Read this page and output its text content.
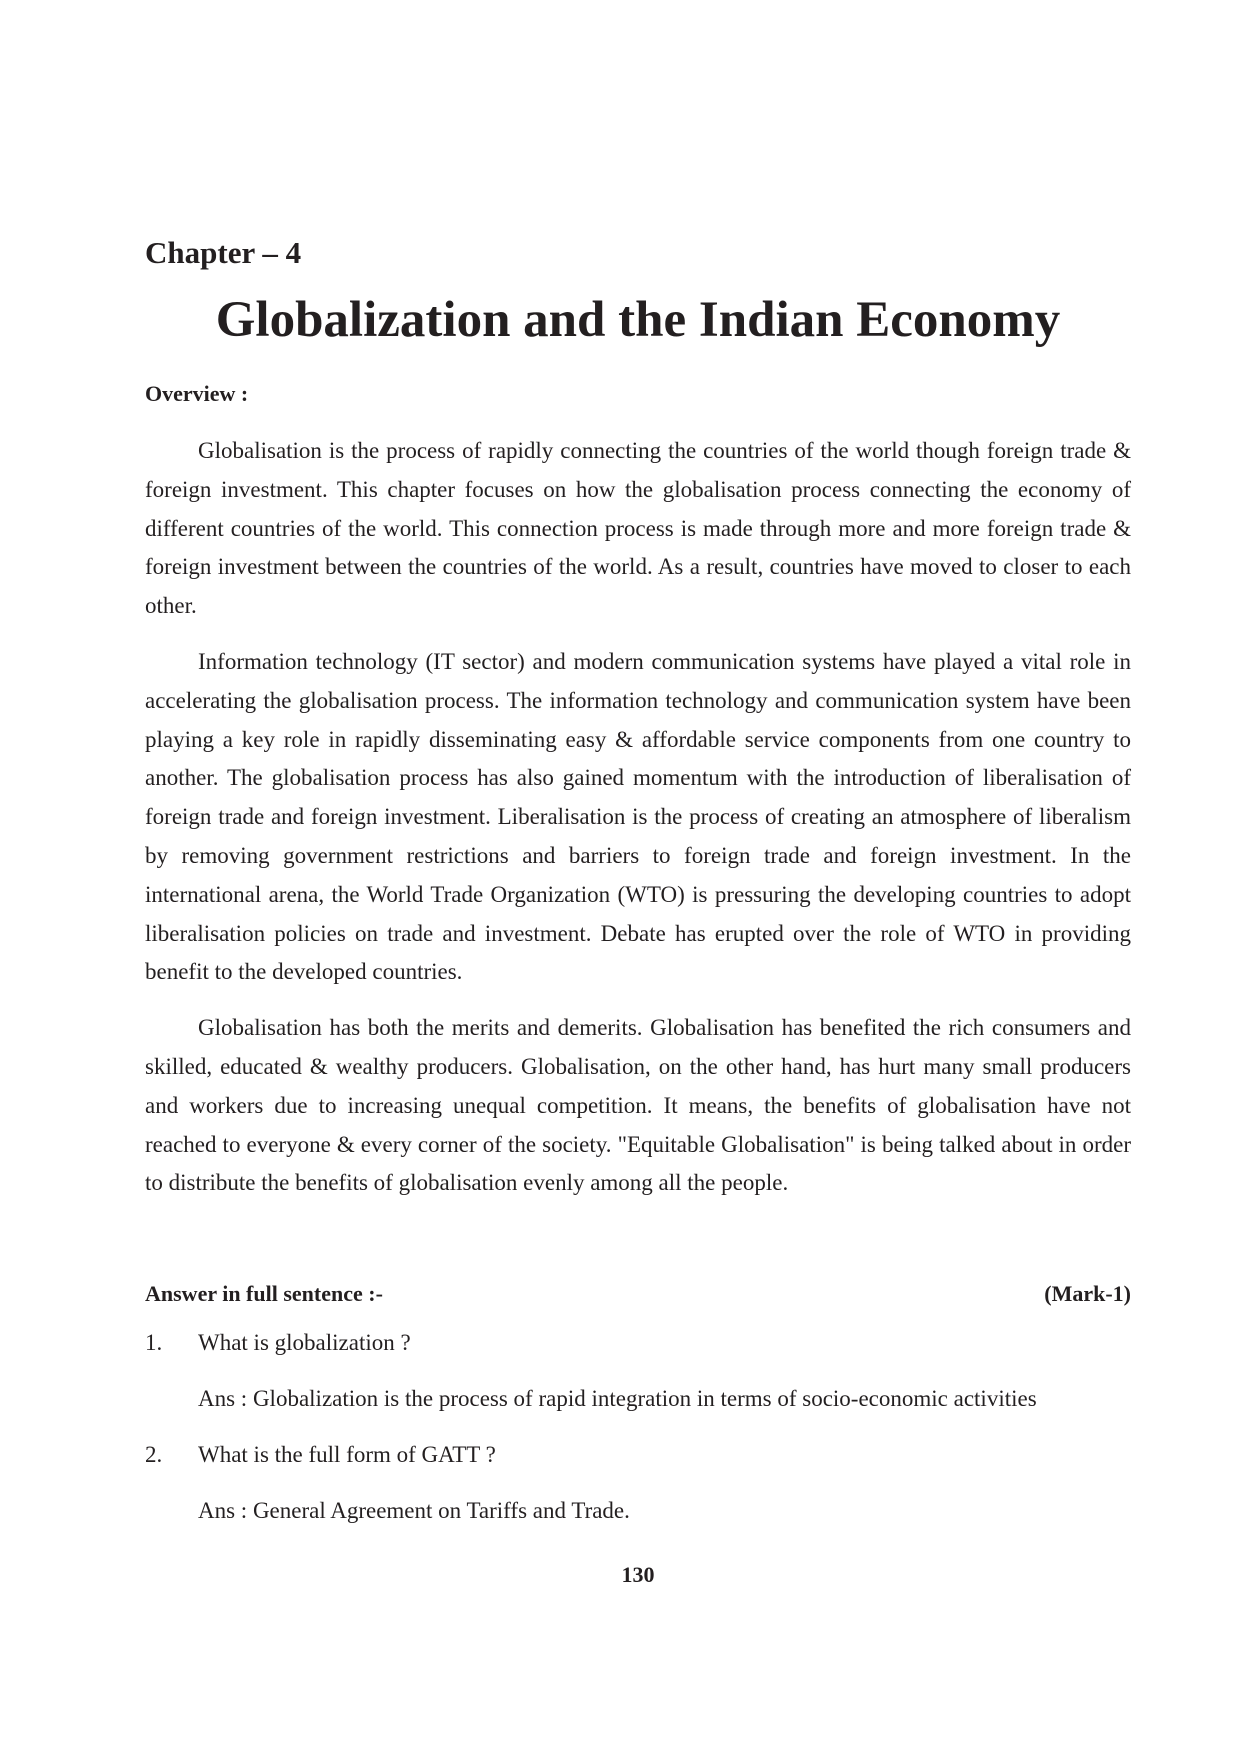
Chapter – 4
Globalization and the Indian Economy
Overview :

Globalisation is the process of rapidly connecting the countries of the world though foreign trade & foreign investment. This chapter focuses on how the globalisation process connecting the economy of different countries of the world. This connection process is made through more and more foreign trade & foreign investment between the countries of the world. As a result, countries have moved to closer to each other.

Information technology (IT sector) and modern communication systems have played a vital role in accelerating the globalisation process. The information technology and communication system have been playing a key role in rapidly disseminating easy & affordable service components from one country to another. The globalisation process has also gained momentum with the introduction of liberalisation of foreign trade and foreign investment. Liberalisation is the process of creating an atmosphere of liberalism by removing government restrictions and barriers to foreign trade and foreign investment. In the international arena, the World Trade Organization (WTO) is pressuring the developing countries to adopt liberalisation policies on trade and investment. Debate has erupted over the role of WTO in providing benefit to the developed countries.

Globalisation has both the merits and demerits. Globalisation has benefited the rich consumers and skilled, educated & wealthy producers. Globalisation, on the other hand, has hurt many small producers and workers due to increasing unequal competition. It means, the benefits of globalisation have not reached to everyone & every corner of the society. "Equitable Globalisation" is being talked about in order to distribute the benefits of globalisation evenly among all the people.

Answer in full sentence :-	(Mark-1)
1.	What is globalization ?
Ans : Globalization is the process of rapid integration in terms of socio-economic activities
2.	What is the full form of GATT ?
Ans : General Agreement on Tariffs and Trade.
130
